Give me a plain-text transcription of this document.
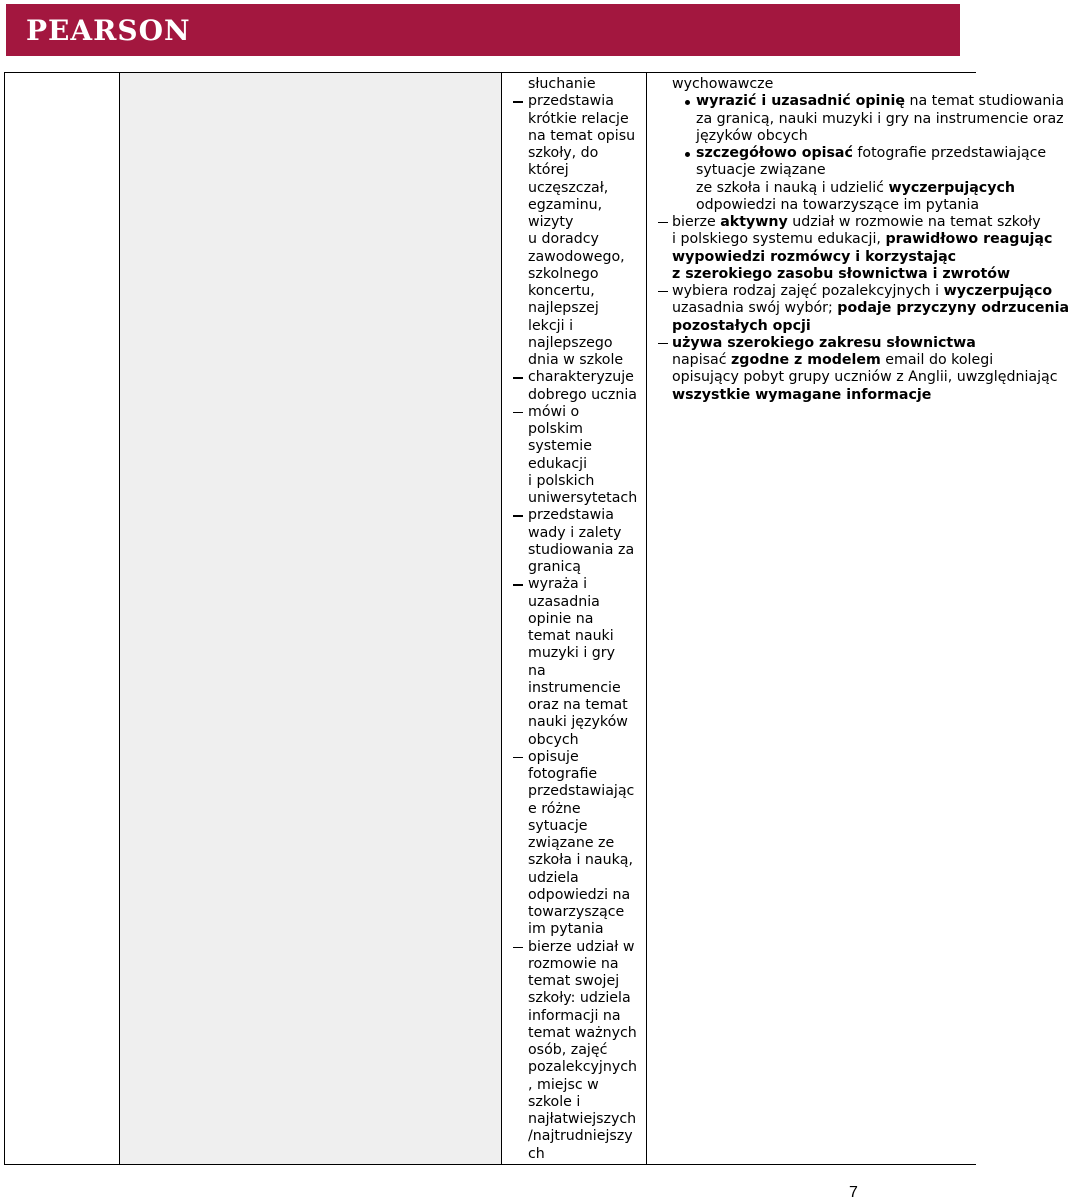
PEARSON
słuchanie
przedstawia
krótkie relacje
na temat opisu
szkoły, do
której
uczęszczał,
egzaminu,
wizyty
u doradcy
zawodowego,
szkolnego
koncertu,
najlepszej
lekcji i
najlepszego
dnia w szkole
charakteryzuje
dobrego ucznia
mówi o
polskim
systemie
edukacji
i polskich
uniwersytetach
przedstawia
wady i zalety
studiowania za
granicą
wyraża i
uzasadnia
opinie na
temat nauki
muzyki i gry
na
instrumencie
oraz na temat
nauki języków
obcych
opisuje
fotografie
przedstawiając
e różne
sytuacje
związane ze
szkoła i nauką,
udziela
odpowiedzi na
towarzyszące
im pytania
bierze udział w
rozmowie na
temat swojej
szkoły: udziela
informacji na
temat ważnych
osób, zajęć
pozalekcyjnych
, miejsc w
szkole i
najłatwiejszych
/najtrudniejszy
ch
wychowawcze
wyrazić i uzasadnić opinię na temat studiowania
za granicą, nauki muzyki i gry na instrumencie oraz
języków obcych
szczegółowo opisać fotografie przedstawiające
sytuacje związane
ze szkoła i nauką i udzielić wyczerpujących
odpowiedzi na towarzyszące im pytania
bierze aktywny udział w rozmowie na temat szkoły
i polskiego systemu edukacji, prawidłowo reagując
wypowiedzi rozmówcy i korzystając
z szerokiego zasobu słownictwa i zwrotów
wybiera rodzaj zajęć pozalekcyjnych i wyczerpująco
uzasadnia swój wybór; podaje przyczyny odrzucenia
pozostałych opcji
używa szerokiego zakresu słownictwa
napisać zgodne z modelem email do kolegi
opisujący pobyt grupy uczniów z Anglii, uwzględniając
wszystkie wymagane informacje
7
